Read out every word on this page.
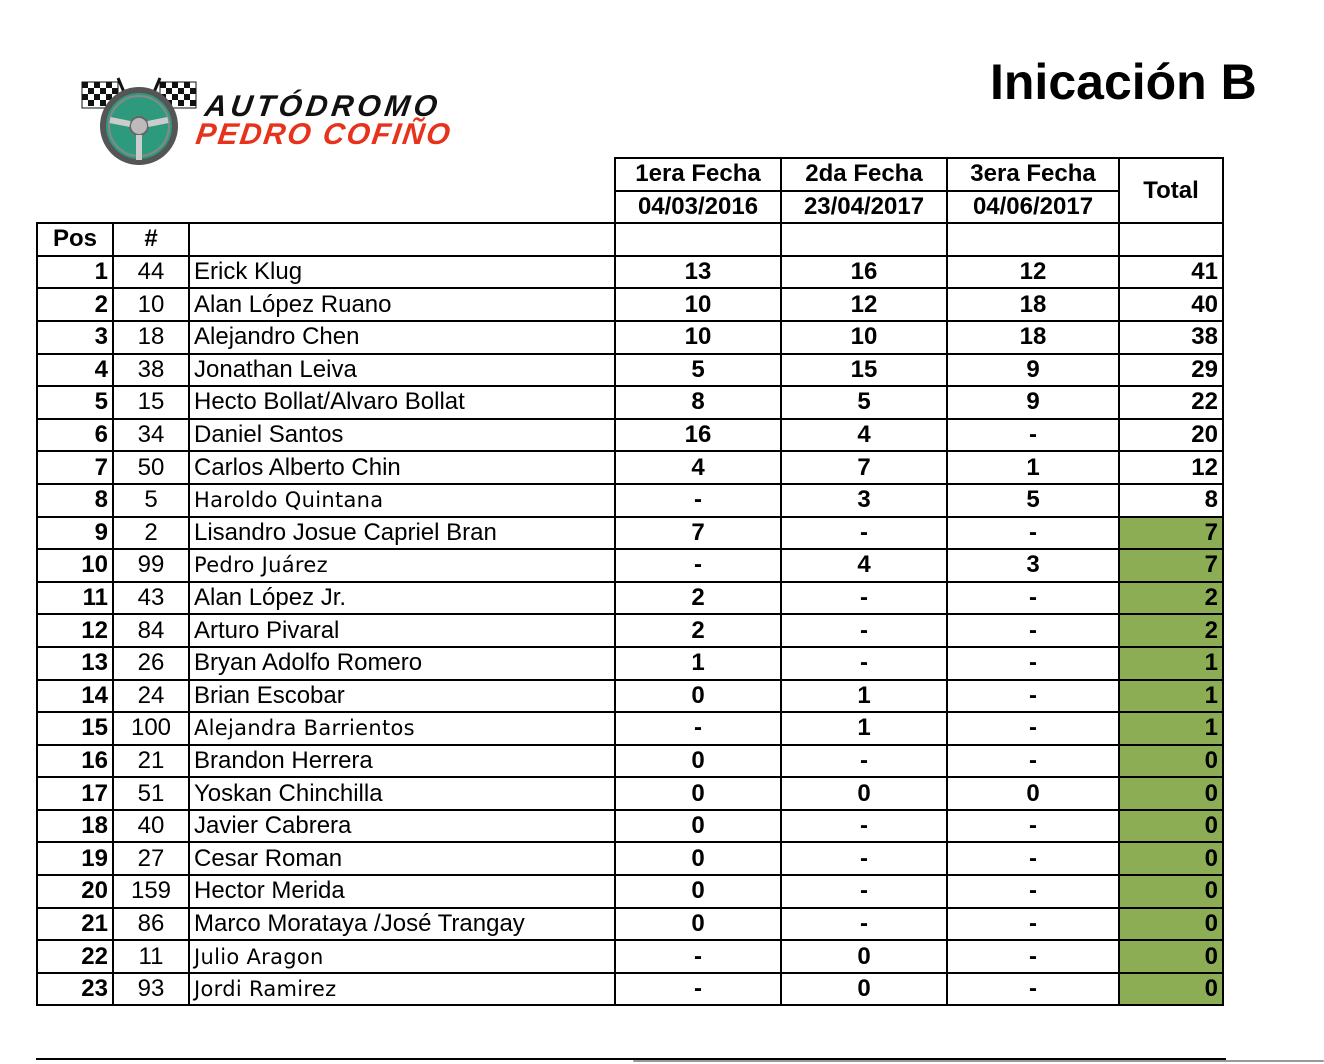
AUTÓDROMO
PEDRO COFIÑO
Inicación B
			1era Fecha	2da Fecha	3era Fecha	Total
			04/03/2016	23/04/2017	04/06/2017	
Pos	#					
1	44	Erick Klug	13	16	12	41
2	10	Alan López Ruano	10	12	18	40
3	18	Alejandro Chen	10	10	18	38
4	38	Jonathan Leiva	5	15	9	29
5	15	Hecto Bollat/Alvaro Bollat	8	5	9	22
6	34	Daniel Santos	16	4	-	20
7	50	Carlos Alberto Chin	4	7	1	12
8	5	Haroldo Quintana	-	3	5	8
9	2	Lisandro Josue Capriel Bran	7	-	-	7
10	99	Pedro Juárez	-	4	3	7
11	43	Alan López Jr.	2	-	-	2
12	84	Arturo Pivaral	2	-	-	2
13	26	Bryan Adolfo Romero	1	-	-	1
14	24	Brian Escobar	0	1	-	1
15	100	Alejandra Barrientos	-	1	-	1
16	21	Brandon Herrera	0	-	-	0
17	51	Yoskan Chinchilla	0	0	0	0
18	40	Javier Cabrera	0	-	-	0
19	27	Cesar Roman	0	-	-	0
20	159	Hector Merida	0	-	-	0
21	86	Marco Morataya /José Trangay	0	-	-	0
22	11	Julio Aragon	-	0	-	0
23	93	Jordi Ramirez	-	0	-	0
